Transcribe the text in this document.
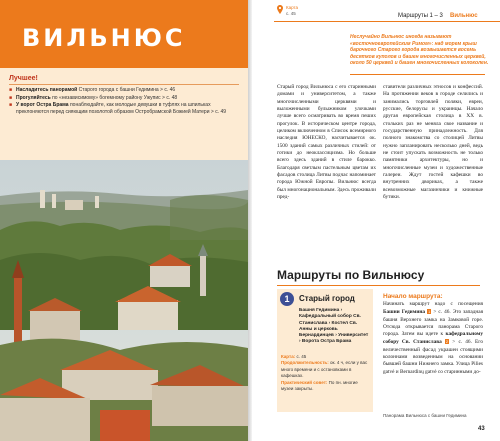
ВИЛЬНЮС
Лучшее!
■ Насладитесь панорамой Старого города с башни Гедимина > с. 46
■ Прогуляйтесь по «независимому» богемному району Ужупис > с. 48
■ У ворот Остра Брама понаблюдайте, как молодые девушки в туфлях на шпильках преклоняются перед сияющим позолотой образом Остробрамской Божией Матери > с. 49
Карта
с. 45	Маршруты 1 – 3 Вильнюс
Неслучайно Вильнюс иногда называют «восточноевропейским Римом»: над морем крыш барочного Старого города возвышается восемь десятков куполов и башен многочисленных церквей, около 50 церквей и башен многочисленных колоколен.
Старый город Вильнюса с его старинными домами и университетом, а также многочисленными церквями и выложенными булыжником улочками лучше всего осматривать во время пеших прогулок. В историческом центре города, целиком включенном в Список всемирного наследия ЮНЕСКО, насчитывается ок. 1500 зданий самых различных стилей: от готики до неоклассицизма. Но больше всего здесь зданий в стиле барокко. Благодаря светлым пастельным цветам их фасадов столица Литвы подчас напоминает города Южной Европы. Вильнюс всегда был многонациональным. Здесь проживали пред-
ставители различных этносов и конфессий. На протяжении веков в городе селились и занимались торговлей поляки, евреи, русские, белорусы и украинцы. Начало другая европейская столица в XX в. стольких раз не меняла свое название и государственную принадлежность. Для полного знакомства со столицей Литвы нужно запланировать несколько дней, ведь не стоит упускать возможность не только памятники архитектуры, но и многочисленные музеи и художественные галереи. Ждут гостей кафешки во внутренних двориках, а также всевозможные магазинчики и книжные бутики.
Маршруты по Вильнюсу
1	Старый город
Башня Гедимина › Кафедральный собор Св. Станислава › Костел Св. Анны и церковь Бернардинцев › Университет › Ворота Остра Брама
Карта: с. 45
Продолжительность: ок. 4 ч, если у вас много времени и с остановками в кафешках.
Практический совет: По пн. многие музеи закрыты.
Начало маршрута:
Начинать маршрут надо с посещения Башни Гедимина 1 > с. 46. Это западная башня Верхнего замка на Замковой горе. Отсюда открывается панорама Старого города. Затем вы идете к кафедральному собору Св. Станислава 2 > с. 46. Его величественный фасад украшен стоящими колоннами возведенным на основании бывшей башни Нижнего замка. Улица Pilies gatvė и Bernardinų gatvė со старинными до-
Панорама Вильнюса с башни Гедимина
43
